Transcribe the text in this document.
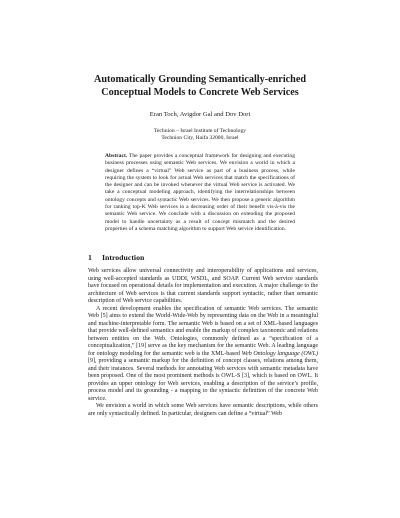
Automatically Grounding Semantically-enriched
Conceptual Models to Concrete Web Services
Eran Toch, Avigdor Gal and Dov Dori
Technion – Israel Institute of Technology
Technion City, Haifa 32000, Israel

Abstract. The paper provides a conceptual framework for designing and executing business processes using semantic Web services. We envision a world in which a designer defines a “virtual” Web service as part of a business process, while requiring the system to look for actual Web services that match the specifications of the designer and can be invoked whenever the virtual Web service is activated. We take a conceptual modeling approach, identifying the interrelationships between ontology concepts and syntactic Web services. We then propose a generic algorithm for ranking top-K Web services in a decreasing order of their benefit vis-à-vis the semantic Web service. We conclude with a discussion on extending the proposed model to handle uncertainty as a result of concept mismatch and the desired properties of a schema matching algorithm to support Web service identification.

1 Introduction

Web services allow universal connectivity and interoperability of applications and services, using well-accepted standards as UDDI, WSDL, and SOAP. Current Web service standards have focused on operational details for implementation and execution. A major challenge to the architecture of Web services is that current standards support syntactic, rather than semantic description of Web service capabilities.

A recent development enables the specification of semantic Web services. The semantic Web [5] aims to extend the World-Wide-Web by representing data on the Web in a meaningful and machine-interpretable form. The semantic Web is based on a set of XML-based languages that provide well-defined semantics and enable the markup of complex taxonomic and relations between entities on the Web. Ontologies, commonly defined as a “specification of a conceptualization,” [19] serve as the key mechanism for the semantic Web. A leading language for ontology modeling for the semantic web is the XML-based Web Ontology language (OWL) [9], providing a semantic markup for the definition of concept classes, relations among them, and their instances. Several methods for annotating Web services with semantic metadata have been proposed. One of the most prominent methods is OWL-S [3], which is based on OWL. It provides an upper ontology for Web services, enabling a description of the service’s profile, process model and its grounding - a mapping to the syntactic definition of the concrete Web service.

We envision a world in which some Web services have semantic descriptions, while others are only syntactically defined. In particular, designers can define a “virtual” Web
